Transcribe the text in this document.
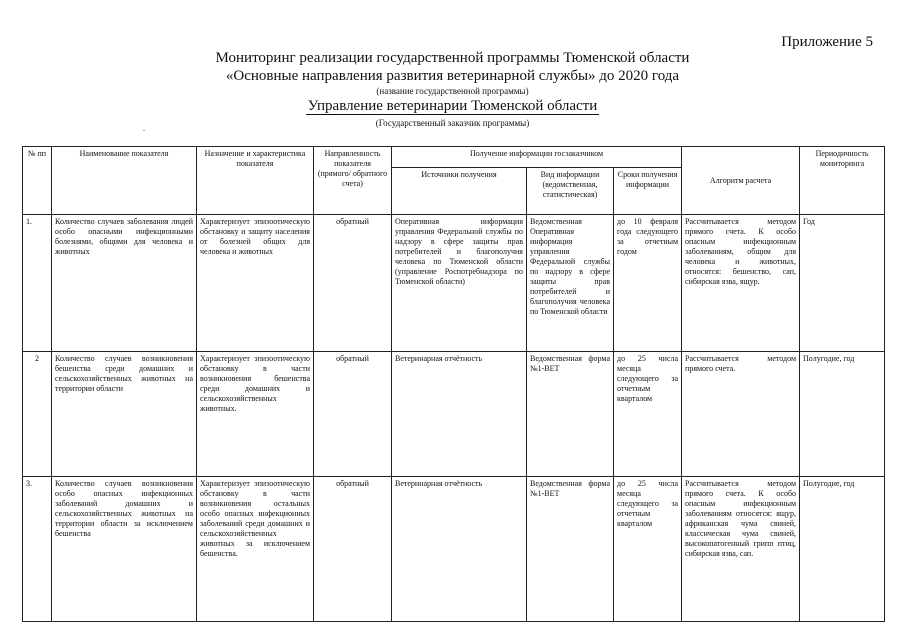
Приложение 5
Мониторинг реализации государственной программы Тюменской области
«Основные направления развития ветеринарной службы» до 2020 года
(название государственной программы)
Управление ветеринарии Тюменской области
(Государственный заказчик программы)
.
№ пп	Наименование показателя	Назначение и характеристика показателя	Направленность показателя (прямого/ обратного счета)	Получение информации госзаказчиком			Алгоритм расчета	Периодичность мониторинга
				Источники получения	Вид информации (ведомственная, статистическая)	Сроки получения информации		
1.	Количество случаев заболевания людей особо опасными инфекционными болезнями, общими для человека и животных	Характеризует эпизоотическую обстановку и защиту населения от болезней общих для человека и животных	обратный	Оперативная информация управления Федеральной службы по надзору в сфере защиты прав потребителей и благополучия человека по Тюменской области (управление Роспотребнадзора по Тюменской области)	Ведомственная Оперативная информация управления Федеральной службы по надзору в сфере защиты прав потребителей и благополучия человека по Тюменской области	до 10 февраля года следующего за отчетным годом	Рассчитывается методом прямого счета. К особо опасным инфекционным заболеваниям, общим для человека и животных, относятся: бешенство, сап, сибирская язва, ящур.	Год
2	Количество случаев возникновения бешенства среди домашних и сельскохозяйственных животных на территории области	Характеризует эпизоотическую обстановку в части возникновения бешенства среди домашних и сельскохозяйственных животных.	обратный	Ветеринарная отчётность	Ведомственная форма №1-ВЕТ	до 25 числа месяца следующего за отчетным кварталом	Рассчитывается методом прямого счета.	Полугодие, год
3.	Количество случаев возникновения особо опасных инфекционных заболеваний домашних и сельскохозяйственных животных на территории области за исключением бешенства	Характеризует эпизоотическую обстановку в части возникновения остальных особо опасных инфекционных заболеваний среди домашних и сельскохозяйственных животных за исключением бешенства.	обратный	Ветеринарная отчётность	Ведомственная форма №1-ВЕТ	до 25 числа месяца следующего за отчетным кварталом	Рассчитывается методом прямого счета. К особо опасным инфекционным заболеваниям относятся: ящур, африканская чума свиней, классическая чума свиней, высокопатогенный грипп птиц, сибирская язва, сап.	Полугодие, год
